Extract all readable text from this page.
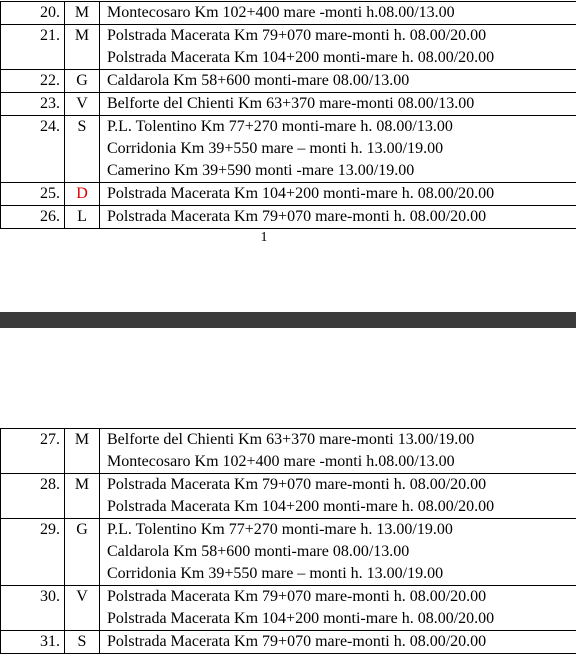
20.	M	Montecosaro Km 102+400 mare -monti h.08.00/13.00

21.	M	Polstrada Macerata Km 79+070 mare-monti h. 08.00/20.00
Polstrada Macerata Km 104+200 monti-mare h. 08.00/20.00

22.	G	Caldarola Km 58+600 monti-mare 08.00/13.00

23.	V	Belforte del Chienti Km 63+370 mare-monti 08.00/13.00

24.	S	P.L. Tolentino Km 77+270 monti-mare h. 08.00/13.00
Corridonia Km 39+550 mare – monti h. 13.00/19.00
Camerino Km 39+590 monti -mare 13.00/19.00

25.	D	Polstrada Macerata Km 104+200 monti-mare h. 08.00/20.00

26.	L	Polstrada Macerata Km 79+070 mare-monti h. 08.00/20.00
1
27.	M	Belforte del Chienti Km 63+370 mare-monti 13.00/19.00
Montecosaro Km 102+400 mare -monti h.08.00/13.00

28.	M	Polstrada Macerata Km 79+070 mare-monti h. 08.00/20.00
Polstrada Macerata Km 104+200 monti-mare h. 08.00/20.00

29.	G	P.L. Tolentino Km 77+270 monti-mare h. 13.00/19.00
Caldarola Km 58+600 monti-mare 08.00/13.00
Corridonia Km 39+550 mare – monti h. 13.00/19.00

30.	V	Polstrada Macerata Km 79+070 mare-monti h. 08.00/20.00
Polstrada Macerata Km 104+200 monti-mare h. 08.00/20.00

31.	S	Polstrada Macerata Km 79+070 mare-monti h. 08.00/20.00
